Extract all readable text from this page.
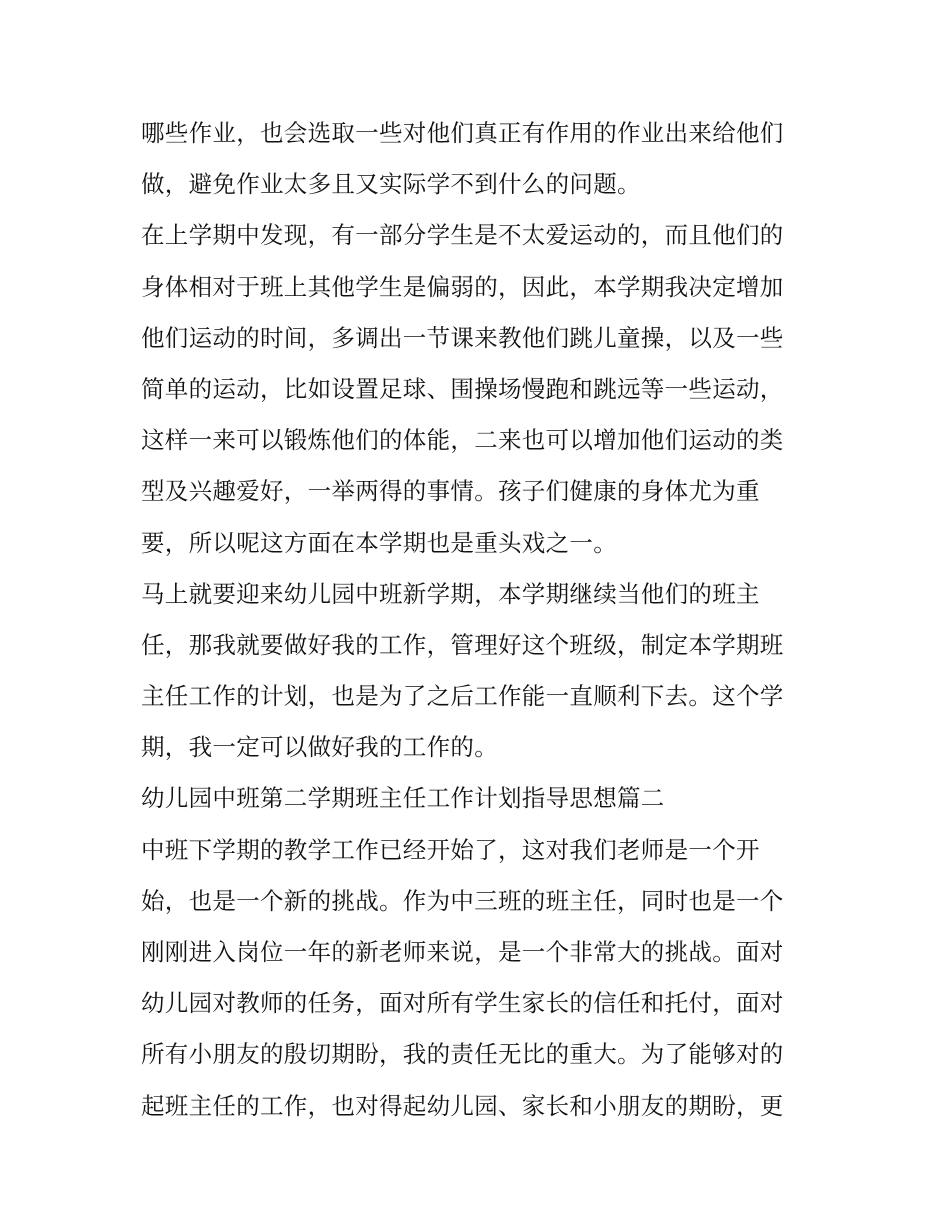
哪些作业，也会选取一些对他们真正有作用的作业出来给他们
做，避免作业太多且又实际学不到什么的问题。
在上学期中发现，有一部分学生是不太爱运动的，而且他们的
身体相对于班上其他学生是偏弱的，因此，本学期我决定增加
他们运动的时间，多调出一节课来教他们跳儿童操，以及一些
简单的运动，比如设置足球、围操场慢跑和跳远等一些运动，
这样一来可以锻炼他们的体能，二来也可以增加他们运动的类
型及兴趣爱好，一举两得的事情。孩子们健康的身体尤为重
要，所以呢这方面在本学期也是重头戏之一。
马上就要迎来幼儿园中班新学期，本学期继续当他们的班主
任，那我就要做好我的工作，管理好这个班级，制定本学期班
主任工作的计划，也是为了之后工作能一直顺利下去。这个学
期，我一定可以做好我的工作的。
幼儿园中班第二学期班主任工作计划指导思想篇二
中班下学期的教学工作已经开始了，这对我们老师是一个开
始，也是一个新的挑战。作为中三班的班主任，同时也是一个
刚刚进入岗位一年的新老师来说，是一个非常大的挑战。面对
幼儿园对教师的任务，面对所有学生家长的信任和托付，面对
所有小朋友的殷切期盼，我的责任无比的重大。为了能够对的
起班主任的工作，也对得起幼儿园、家长和小朋友的期盼，更
